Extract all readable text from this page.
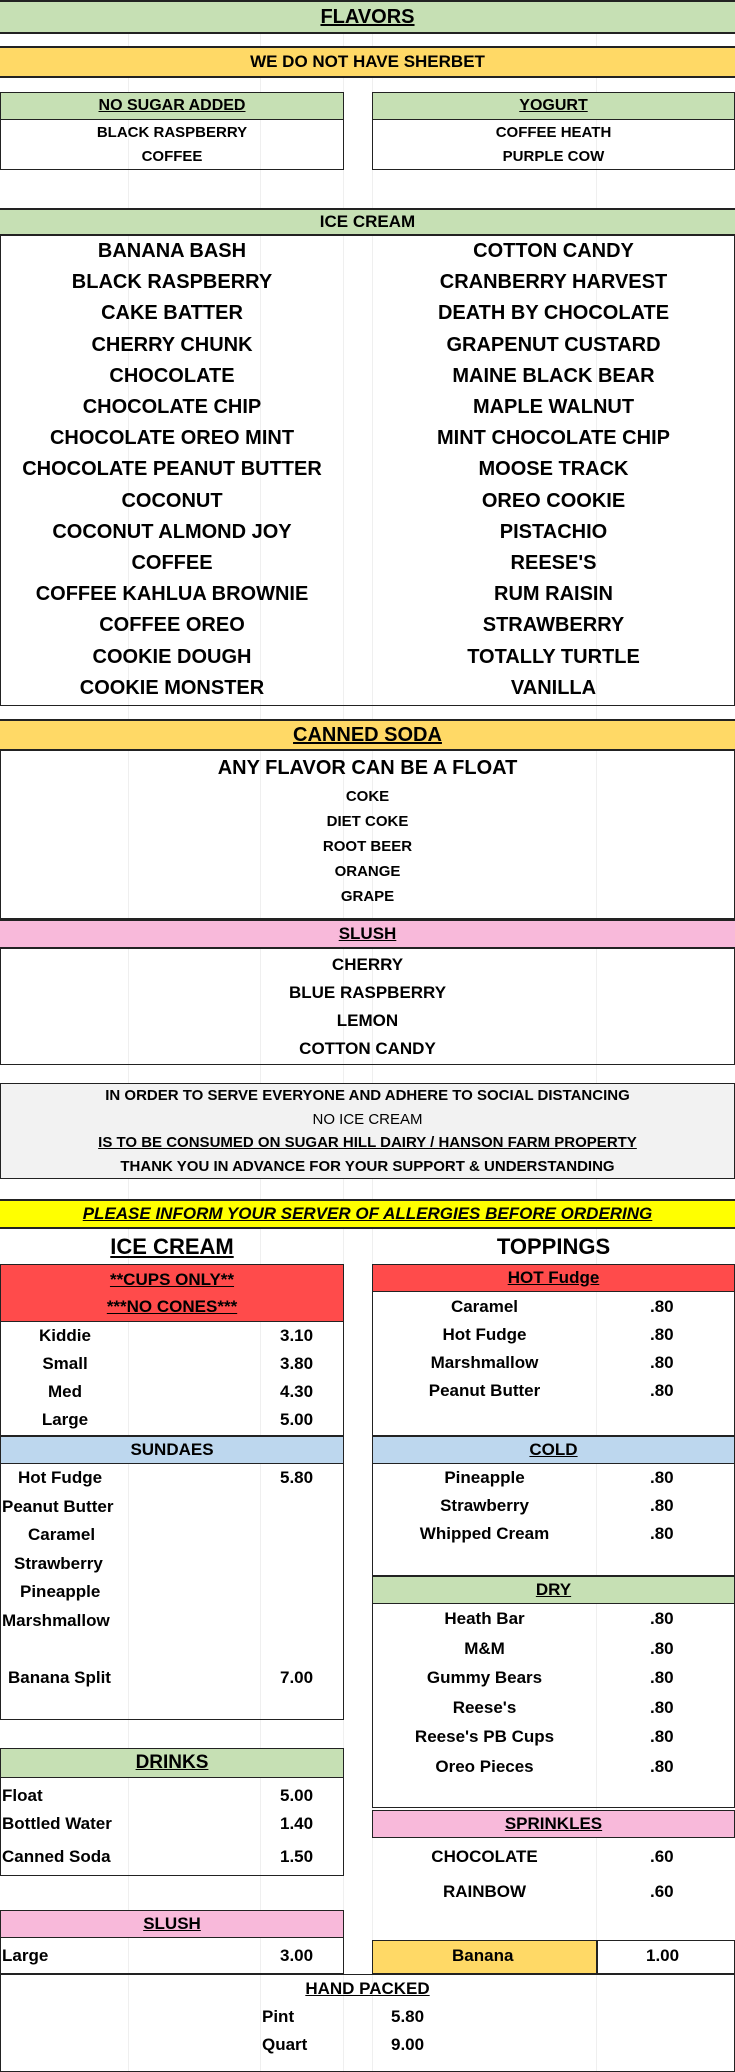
FLAVORS
WE DO NOT HAVE SHERBET
NO SUGAR ADDED
BLACK RASPBERRY
COFFEE
YOGURT
COFFEE HEATH
PURPLE COW
ICE CREAM
BANANA BASH
BLACK RASPBERRY
CAKE BATTER
CHERRY CHUNK
CHOCOLATE
CHOCOLATE CHIP
CHOCOLATE OREO MINT
CHOCOLATE PEANUT BUTTER
COCONUT
COCONUT ALMOND JOY
COFFEE
COFFEE KAHLUA BROWNIE
COFFEE OREO
COOKIE DOUGH
COOKIE MONSTER
COTTON CANDY
CRANBERRY HARVEST
DEATH BY CHOCOLATE
GRAPENUT CUSTARD
MAINE BLACK BEAR
MAPLE WALNUT
MINT CHOCOLATE CHIP
MOOSE TRACK
OREO COOKIE
PISTACHIO
REESE'S
RUM RAISIN
STRAWBERRY
TOTALLY TURTLE
VANILLA
CANNED SODA
ANY FLAVOR CAN BE A FLOAT
COKE
DIET COKE
ROOT BEER
ORANGE
GRAPE
SLUSH
CHERRY
BLUE RASPBERRY
LEMON
COTTON CANDY
IN ORDER TO SERVE EVERYONE AND ADHERE TO SOCIAL DISTANCING
NO ICE CREAM
IS TO BE CONSUMED ON SUGAR HILL DAIRY / HANSON FARM PROPERTY
THANK YOU IN ADVANCE FOR YOUR SUPPORT & UNDERSTANDING
PLEASE INFORM YOUR SERVER OF ALLERGIES BEFORE ORDERING
ICE CREAM
**CUPS ONLY**
***NO CONES***
Kiddie	3.10
Small	3.80
Med	4.30
Large	5.00
SUNDAES
Hot Fudge	5.80
Peanut Butter
Caramel
Strawberry
Pineapple
Marshmallow
Banana Split	7.00
DRINKS
Float	5.00
Bottled Water	1.40
Canned Soda	1.50
SLUSH
Large	3.00
TOPPINGS
HOT Fudge
Caramel	.80
Hot Fudge	.80
Marshmallow	.80
Peanut Butter	.80
COLD
Pineapple	.80
Strawberry	.80
Whipped Cream	.80
DRY
Heath Bar	.80
M&M	.80
Gummy Bears	.80
Reese's	.80
Reese's PB Cups	.80
Oreo Pieces	.80
SPRINKLES
CHOCOLATE	.60
RAINBOW	.60
Banana	1.00
HAND PACKED
Pint	5.80
Quart	9.00
